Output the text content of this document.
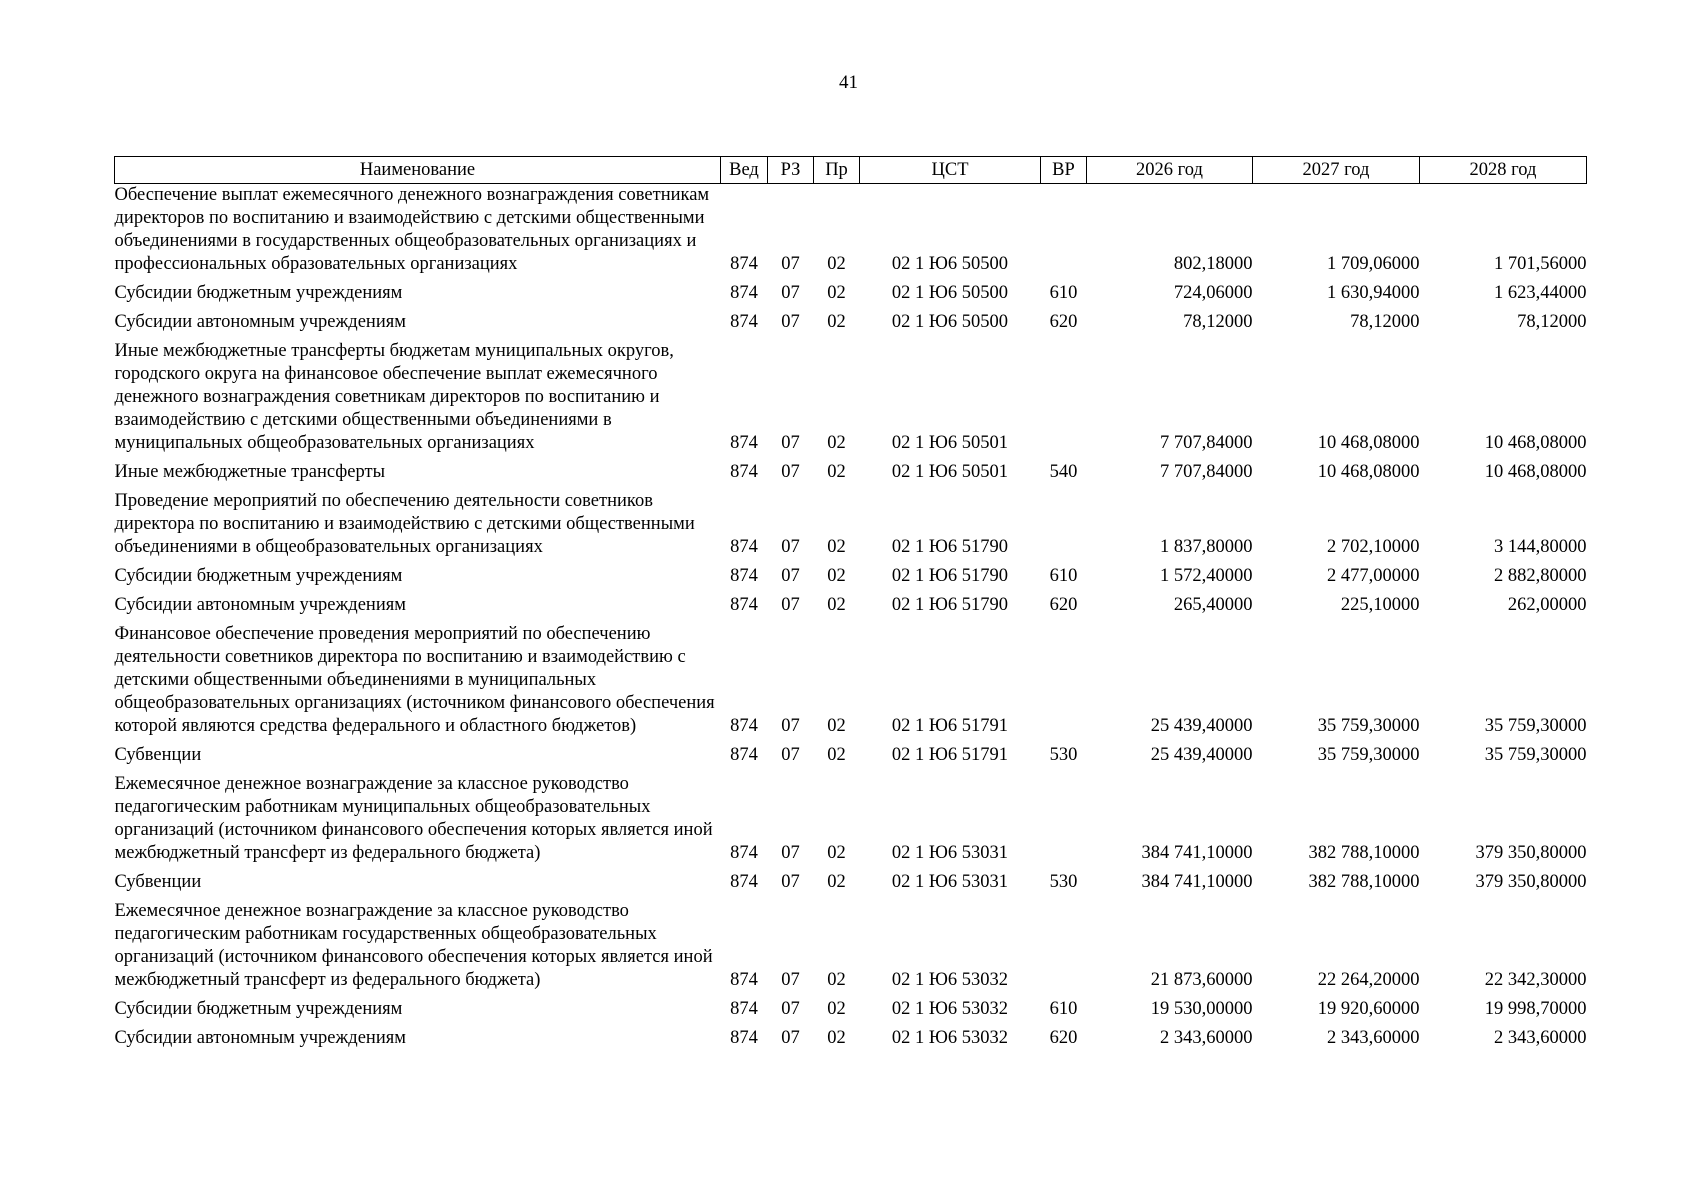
41
Наименование	Вед	РЗ	Пр	ЦСТ	ВР	2026 год	2027 год	2028 год
Обеспечение выплат ежемесячного денежного вознаграждения советникам директоров по воспитанию и взаимодействию с детскими общественными объединениями в государственных общеобразовательных организациях и профессиональных образовательных организациях	874	07	02	02 1 Ю6 50500		802,18000	1 709,06000	1 701,56000
Субсидии бюджетным учреждениям	874	07	02	02 1 Ю6 50500	610	724,06000	1 630,94000	1 623,44000
Субсидии автономным учреждениям	874	07	02	02 1 Ю6 50500	620	78,12000	78,12000	78,12000
Иные межбюджетные трансферты бюджетам муниципальных округов, городского округа на финансовое обеспечение выплат ежемесячного денежного вознаграждения советникам директоров по воспитанию и взаимодействию с детскими общественными объединениями в муниципальных общеобразовательных организациях	874	07	02	02 1 Ю6 50501		7 707,84000	10 468,08000	10 468,08000
Иные межбюджетные трансферты	874	07	02	02 1 Ю6 50501	540	7 707,84000	10 468,08000	10 468,08000
Проведение мероприятий по обеспечению деятельности советников директора по воспитанию и взаимодействию с детскими общественными объединениями в общеобразовательных организациях	874	07	02	02 1 Ю6 51790		1 837,80000	2 702,10000	3 144,80000
Субсидии бюджетным учреждениям	874	07	02	02 1 Ю6 51790	610	1 572,40000	2 477,00000	2 882,80000
Субсидии автономным учреждениям	874	07	02	02 1 Ю6 51790	620	265,40000	225,10000	262,00000
Финансовое обеспечение проведения мероприятий по обеспечению деятельности советников директора по воспитанию и взаимодействию с детскими общественными объединениями в муниципальных общеобразовательных организациях (источником финансового обеспечения которой являются средства федерального и областного бюджетов)	874	07	02	02 1 Ю6 51791		25 439,40000	35 759,30000	35 759,30000
Субвенции	874	07	02	02 1 Ю6 51791	530	25 439,40000	35 759,30000	35 759,30000
Ежемесячное денежное вознаграждение за классное руководство педагогическим работникам муниципальных общеобразовательных организаций (источником финансового обеспечения которых является иной межбюджетный трансферт из федерального бюджета)	874	07	02	02 1 Ю6 53031		384 741,10000	382 788,10000	379 350,80000
Субвенции	874	07	02	02 1 Ю6 53031	530	384 741,10000	382 788,10000	379 350,80000
Ежемесячное денежное вознаграждение за классное руководство педагогическим работникам государственных общеобразовательных организаций (источником финансового обеспечения которых является иной межбюджетный трансферт из федерального бюджета)	874	07	02	02 1 Ю6 53032		21 873,60000	22 264,20000	22 342,30000
Субсидии бюджетным учреждениям	874	07	02	02 1 Ю6 53032	610	19 530,00000	19 920,60000	19 998,70000
Субсидии автономным учреждениям	874	07	02	02 1 Ю6 53032	620	2 343,60000	2 343,60000	2 343,60000
